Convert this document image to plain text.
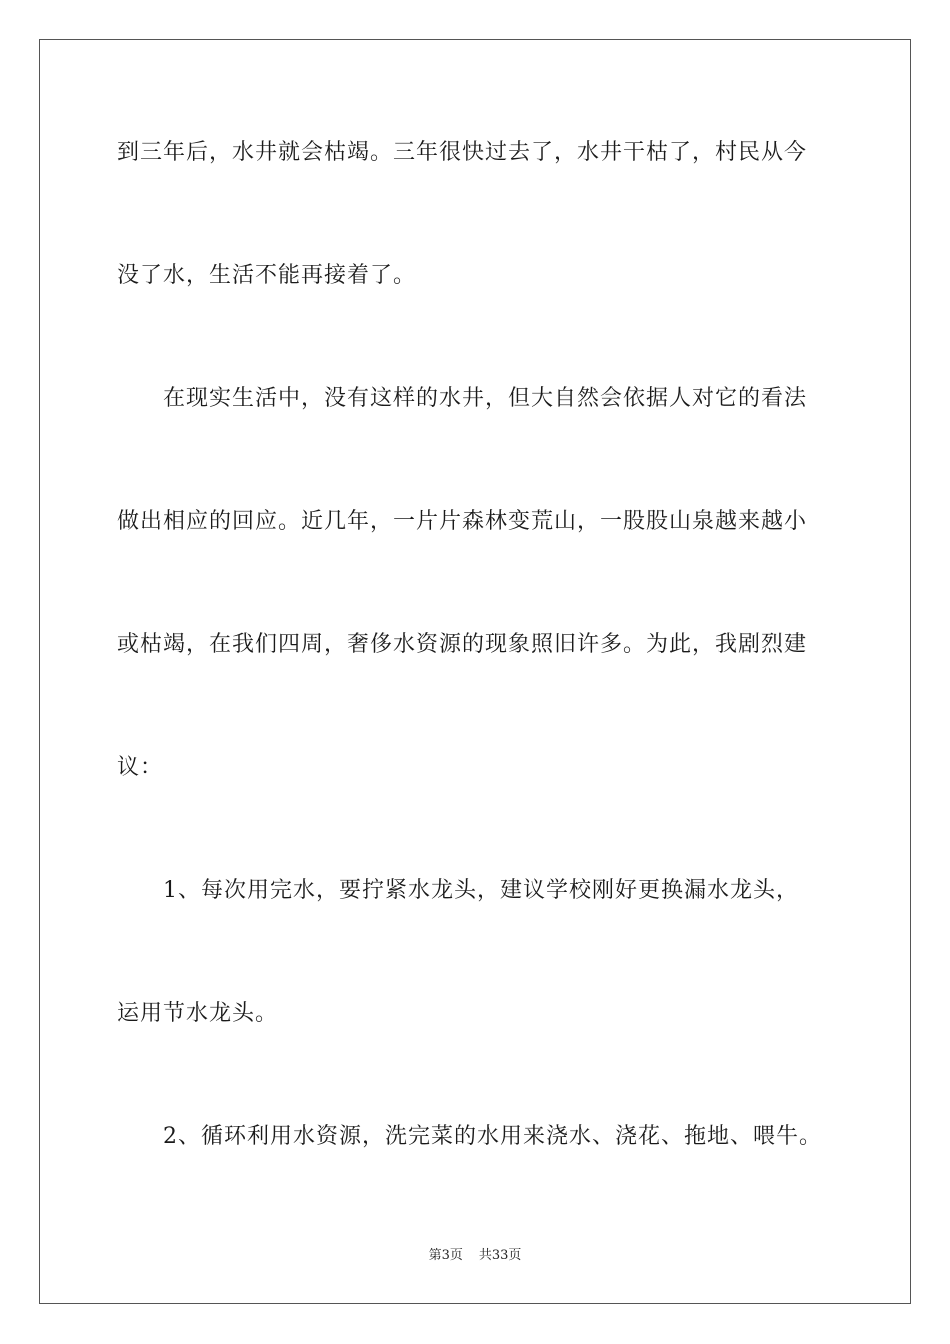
到三年后，水井就会枯竭。三年很快过去了，水井干枯了，村民从今
没了水，生活不能再接着了。
在现实生活中，没有这样的水井，但大自然会依据人对它的看法
做出相应的回应。近几年，一片片森林变荒山，一股股山泉越来越小
或枯竭，在我们四周，奢侈水资源的现象照旧许多。为此，我剧烈建
议：
1、每次用完水，要拧紧水龙头，建议学校刚好更换漏水龙头，
运用节水龙头。
2、循环利用水资源，洗完菜的水用来浇水、浇花、拖地、喂牛。
第3页 共33页
